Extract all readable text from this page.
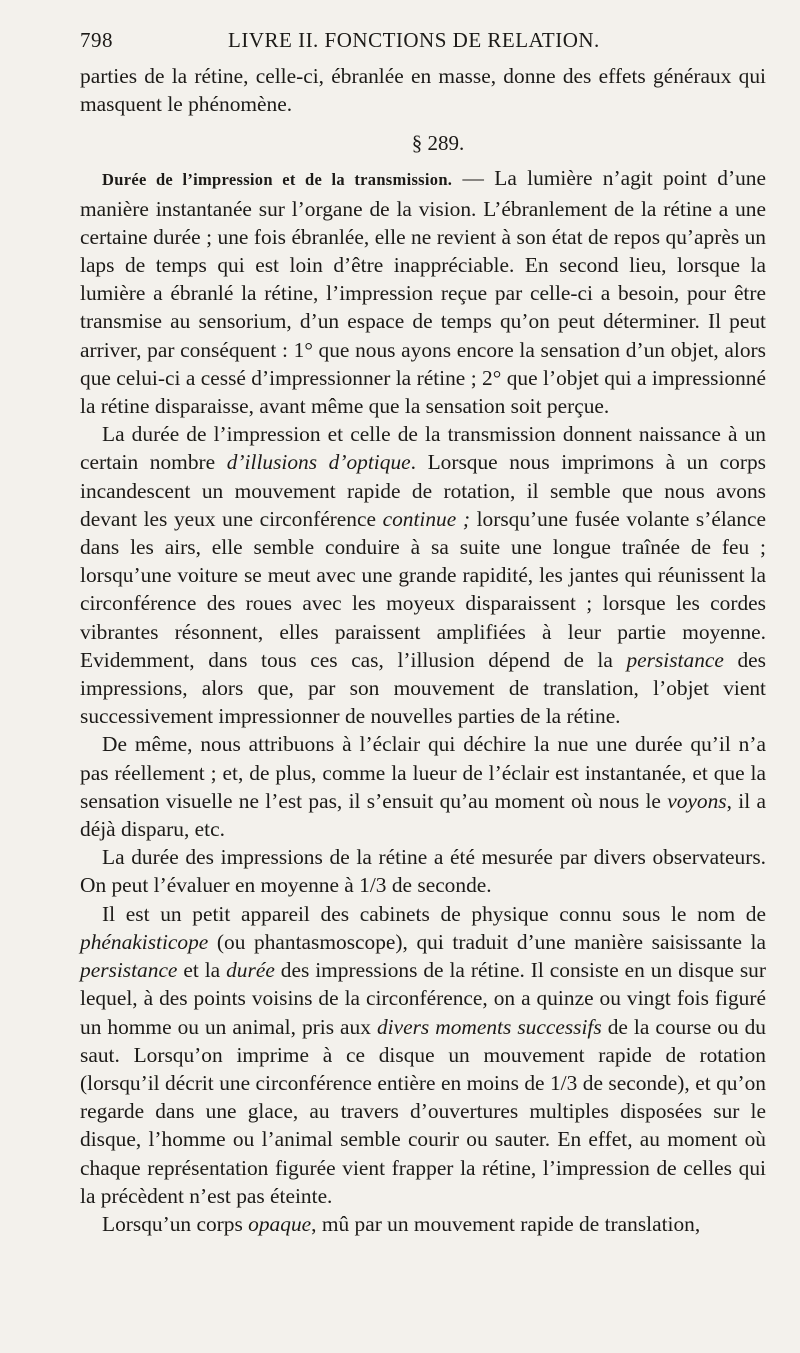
798	LIVRE II. FONCTIONS DE RELATION.

parties de la rétine, celle-ci, ébranlée en masse, donne des effets généraux qui masquent le phénomène.

§ 289.

Durée de l’impression et de la transmission. — La lumière n’agit point d’une manière instantanée sur l’organe de la vision. L’ébranlement de la rétine a une certaine durée ; une fois ébranlée, elle ne revient à son état de repos qu’après un laps de temps qui est loin d’être inappréciable. En second lieu, lorsque la lumière a ébranlé la rétine, l’impression reçue par celle-ci a besoin, pour être transmise au sensorium, d’un espace de temps qu’on peut déterminer. Il peut arriver, par conséquent : 1° que nous ayons encore la sensation d’un objet, alors que celui-ci a cessé d’impressionner la rétine ; 2° que l’objet qui a impressionné la rétine disparaisse, avant même que la sensation soit perçue.

La durée de l’impression et celle de la transmission donnent naissance à un certain nombre d’illusions d’optique. Lorsque nous imprimons à un corps incandescent un mouvement rapide de rotation, il semble que nous avons devant les yeux une circonférence continue ; lorsqu’une fusée volante s’élance dans les airs, elle semble conduire à sa suite une longue traînée de feu ; lorsqu’une voiture se meut avec une grande rapidité, les jantes qui réunissent la circonférence des roues avec les moyeux disparaissent ; lorsque les cordes vibrantes résonnent, elles paraissent amplifiées à leur partie moyenne. Evidemment, dans tous ces cas, l’illusion dépend de la persistance des impressions, alors que, par son mouvement de translation, l’objet vient successivement impressionner de nouvelles parties de la rétine.

De même, nous attribuons à l’éclair qui déchire la nue une durée qu’il n’a pas réellement ; et, de plus, comme la lueur de l’éclair est instantanée, et que la sensation visuelle ne l’est pas, il s’ensuit qu’au moment où nous le voyons, il a déjà disparu, etc.

La durée des impressions de la rétine a été mesurée par divers observateurs. On peut l’évaluer en moyenne à 1/3 de seconde.

Il est un petit appareil des cabinets de physique connu sous le nom de phénakisticope (ou phantasmoscope), qui traduit d’une manière saisissante la persistance et la durée des impressions de la rétine. Il consiste en un disque sur lequel, à des points voisins de la circonférence, on a quinze ou vingt fois figuré un homme ou un animal, pris aux divers moments successifs de la course ou du saut. Lorsqu’on imprime à ce disque un mouvement rapide de rotation (lorsqu’il décrit une circonférence entière en moins de 1/3 de seconde), et qu’on regarde dans une glace, au travers d’ouvertures multiples disposées sur le disque, l’homme ou l’animal semble courir ou sauter. En effet, au moment où chaque représentation figurée vient frapper la rétine, l’impression de celles qui la précèdent n’est pas éteinte.

Lorsqu’un corps opaque, mû par un mouvement rapide de translation,
